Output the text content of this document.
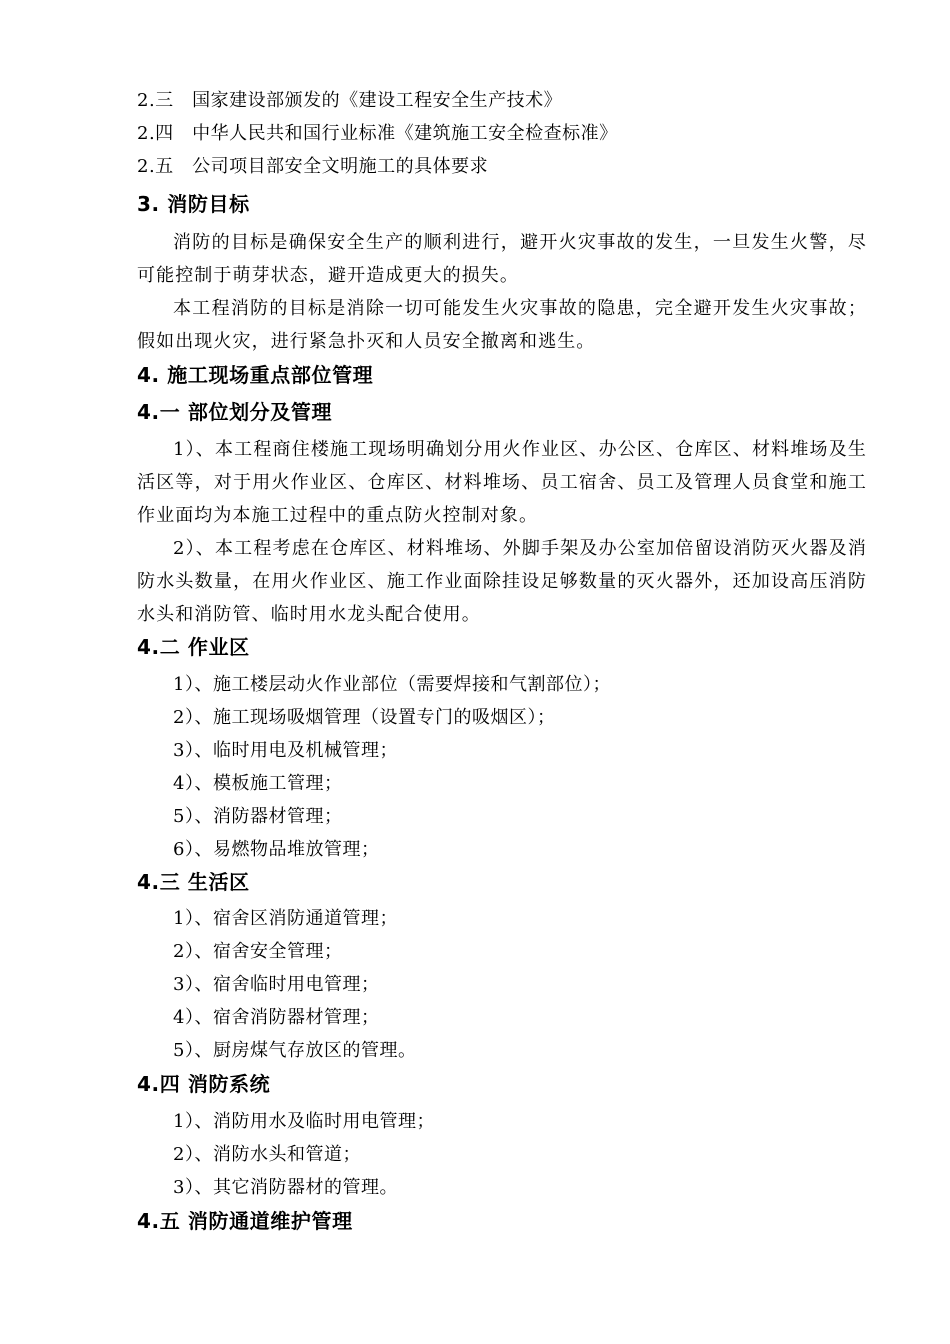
2.三　国家建设部颁发的《建设工程安全生产技术》
2.四　中华人民共和国行业标准《建筑施工安全检查标准》
2.五　公司项目部安全文明施工的具体要求
3. 消防目标
消防的目标是确保安全生产的顺利进行，避开火灾事故的发生，一旦发生火警，尽可能控制于萌芽状态，避开造成更大的损失。
本工程消防的目标是消除一切可能发生火灾事故的隐患，完全避开发生火灾事故；假如出现火灾，进行紧急扑灭和人员安全撤离和逃生。
4. 施工现场重点部位管理
4.一 部位划分及管理
1）、本工程商住楼施工现场明确划分用火作业区、办公区、仓库区、材料堆场及生活区等，对于用火作业区、仓库区、材料堆场、员工宿舍、员工及管理人员食堂和施工作业面均为本施工过程中的重点防火控制对象。
2）、本工程考虑在仓库区、材料堆场、外脚手架及办公室加倍留设消防灭火器及消防水头数量，在用火作业区、施工作业面除挂设足够数量的灭火器外，还加设高压消防水头和消防管、临时用水龙头配合使用。
4.二 作业区
1）、施工楼层动火作业部位（需要焊接和气割部位）；
2）、施工现场吸烟管理（设置专门的吸烟区）；
3）、临时用电及机械管理；
4）、模板施工管理；
5）、消防器材管理；
6）、易燃物品堆放管理；
4.三 生活区
1）、宿舍区消防通道管理；
2）、宿舍安全管理；
3）、宿舍临时用电管理；
4）、宿舍消防器材管理；
5）、厨房煤气存放区的管理。
4.四 消防系统
1）、消防用水及临时用电管理；
2）、消防水头和管道；
3）、其它消防器材的管理。
4.五 消防通道维护管理
